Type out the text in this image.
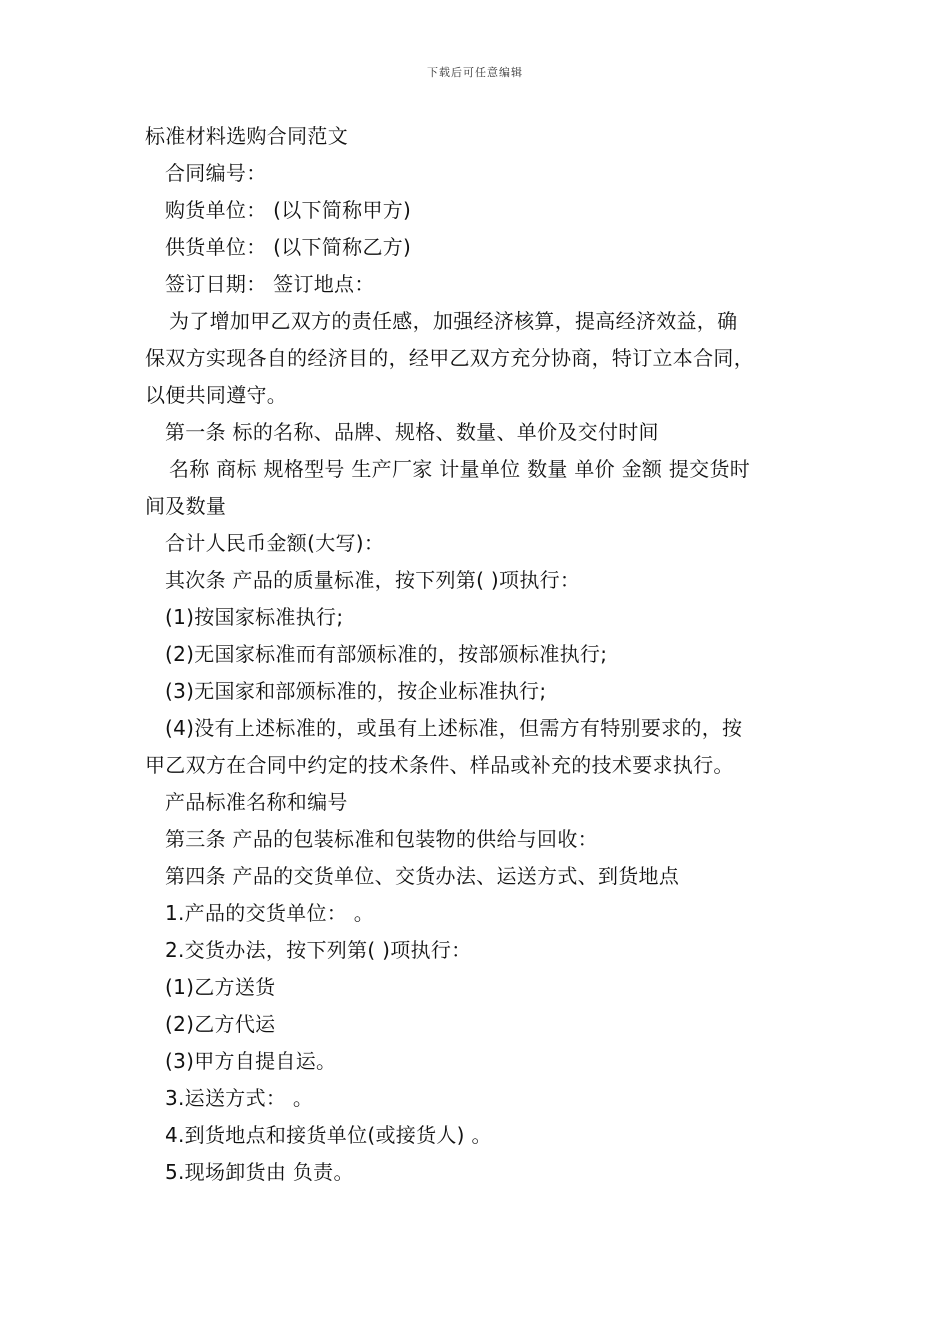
下载后可任意编辑
标准材料选购合同范文
合同编号：
购货单位： (以下简称甲方)
供货单位： (以下简称乙方)
签订日期： 签订地点：
为了增加甲乙双方的责任感，加强经济核算，提高经济效益，确
保双方实现各自的经济目的，经甲乙双方充分协商，特订立本合同，
以便共同遵守。
第一条 标的名称、品牌、规格、数量、单价及交付时间
名称 商标 规格型号 生产厂家 计量单位 数量 单价 金额 提交货时
间及数量
合计人民币金额(大写)：
其次条 产品的质量标准，按下列第( )项执行：
(1)按国家标准执行;
(2)无国家标准而有部颁标准的，按部颁标准执行;
(3)无国家和部颁标准的，按企业标准执行;
(4)没有上述标准的，或虽有上述标准，但需方有特别要求的，按
甲乙双方在合同中约定的技术条件、样品或补充的技术要求执行。
产品标准名称和编号
第三条 产品的包装标准和包装物的供给与回收：
第四条 产品的交货单位、交货办法、运送方式、到货地点
1.产品的交货单位： 。
2.交货办法，按下列第( )项执行：
(1)乙方送货
(2)乙方代运
(3)甲方自提自运。
3.运送方式： 。
4.到货地点和接货单位(或接货人) 。
5.现场卸货由 负责。
